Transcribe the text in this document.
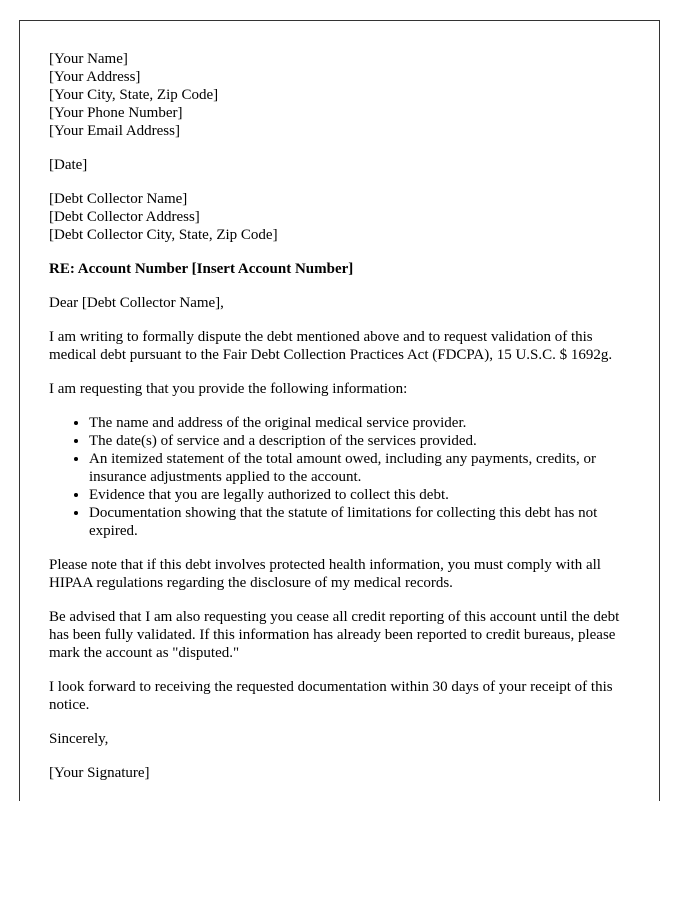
[Your Name]
[Your Address]
[Your City, State, Zip Code]
[Your Phone Number]
[Your Email Address]
[Date]
[Debt Collector Name]
[Debt Collector Address]
[Debt Collector City, State, Zip Code]
RE: Account Number [Insert Account Number]
Dear [Debt Collector Name],

I am writing to formally dispute the debt mentioned above and to request validation of this medical debt pursuant to the Fair Debt Collection Practices Act (FDCPA), 15 U.S.C. $ 1692g.

I am requesting that you provide the following information:

• The name and address of the original medical service provider.
• The date(s) of service and a description of the services provided.
• An itemized statement of the total amount owed, including any payments, credits, or insurance adjustments applied to the account.
• Evidence that you are legally authorized to collect this debt.
• Documentation showing that the statute of limitations for collecting this debt has not expired.

Please note that if this debt involves protected health information, you must comply with all HIPAA regulations regarding the disclosure of my medical records.

Be advised that I am also requesting you cease all credit reporting of this account until the debt has been fully validated. If this information has already been reported to credit bureaus, please mark the account as "disputed."

I look forward to receiving the requested documentation within 30 days of your receipt of this notice.

Sincerely,

[Your Signature]
